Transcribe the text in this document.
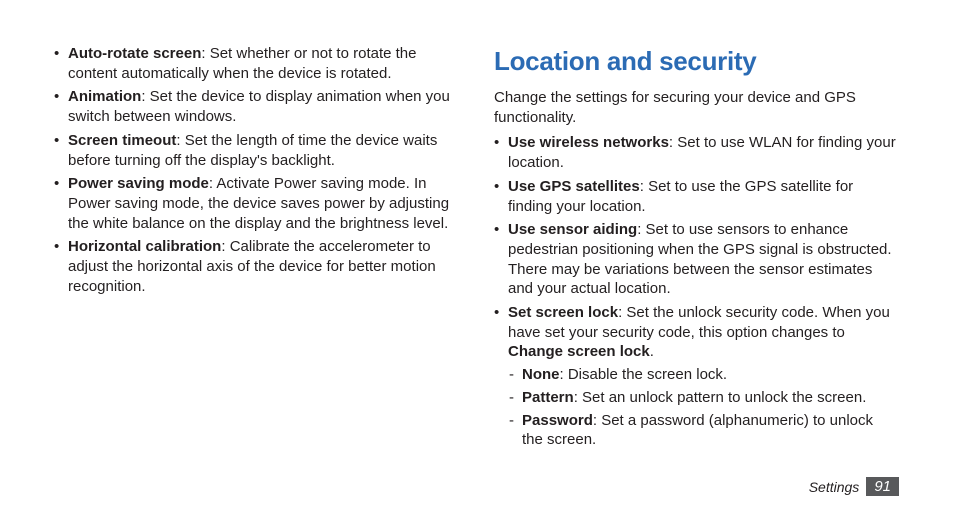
• Auto-rotate screen: Set whether or not to rotate the content automatically when the device is rotated.
• Animation: Set the device to display animation when you switch between windows.
• Screen timeout: Set the length of time the device waits before turning off the display's backlight.
• Power saving mode: Activate Power saving mode. In Power saving mode, the device saves power by adjusting the white balance on the display and the brightness level.
• Horizontal calibration: Calibrate the accelerometer to adjust the horizontal axis of the device for better motion recognition.
Location and security

Change the settings for securing your device and GPS functionality.

• Use wireless networks: Set to use WLAN for finding your location.
• Use GPS satellites: Set to use the GPS satellite for finding your location.
• Use sensor aiding: Set to use sensors to enhance pedestrian positioning when the GPS signal is obstructed. There may be variations between the sensor estimates and your actual location.
• Set screen lock: Set the unlock security code. When you have set your security code, this option changes to Change screen lock.
- None: Disable the screen lock.
- Pattern: Set an unlock pattern to unlock the screen.
- Password: Set a password (alphanumeric) to unlock the screen.
Settings	91
